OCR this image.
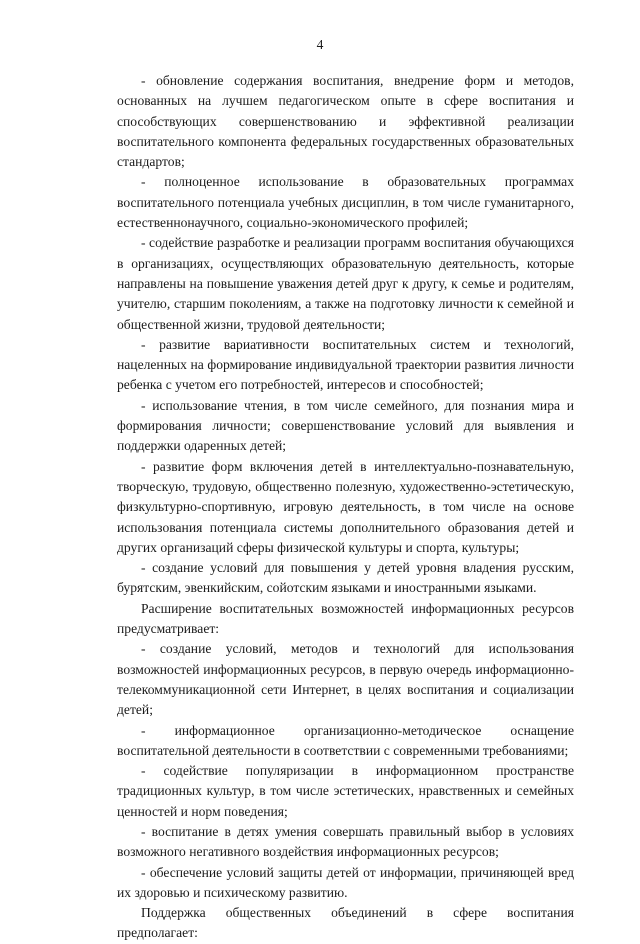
4

- обновление содержания воспитания, внедрение форм и методов, основанных на лучшем педагогическом опыте в сфере воспитания и способствующих совершенствованию и эффективной реализации воспитательного компонента федеральных государственных образовательных стандартов;

- полноценное использование в образовательных программах воспитательного потенциала учебных дисциплин, в том числе гуманитарного, естественнонаучного, социально-экономического профилей;

- содействие разработке и реализации программ воспитания обучающихся в организациях, осуществляющих образовательную деятельность, которые направлены на повышение уважения детей друг к другу, к семье и родителям, учителю, старшим поколениям, а также на подготовку личности к семейной и общественной жизни, трудовой деятельности;

- развитие вариативности воспитательных систем и технологий, нацеленных на формирование индивидуальной траектории развития личности ребенка с учетом его потребностей, интересов и способностей;

- использование чтения, в том числе семейного, для познания мира и формирования личности; совершенствование условий для выявления и поддержки одаренных детей;

- развитие форм включения детей в интеллектуально-познавательную, творческую, трудовую, общественно полезную, художественно-эстетическую, физкультурно-спортивную, игровую деятельность, в том числе на основе использования потенциала системы дополнительного образования детей и других организаций сферы физической культуры и спорта, культуры;

- создание условий для повышения у детей уровня владения русским, бурятским, эвенкийским, сойотским языками и иностранными языками.

Расширение воспитательных возможностей информационных ресурсов предусматривает:

- создание условий, методов и технологий для использования возможностей информационных ресурсов, в первую очередь информационно-телекоммуникационной сети Интернет, в целях воспитания и социализации детей;

- информационное организационно-методическое оснащение воспитательной деятельности в соответствии с современными требованиями;

- содействие популяризации в информационном пространстве традиционных культур, в том числе эстетических, нравственных и семейных ценностей и норм поведения;

- воспитание в детях умения совершать правильный выбор в условиях возможного негативного воздействия информационных ресурсов;

- обеспечение условий защиты детей от информации, причиняющей вред их здоровью и психическому развитию.

Поддержка общественных объединений в сфере воспитания предполагает:
